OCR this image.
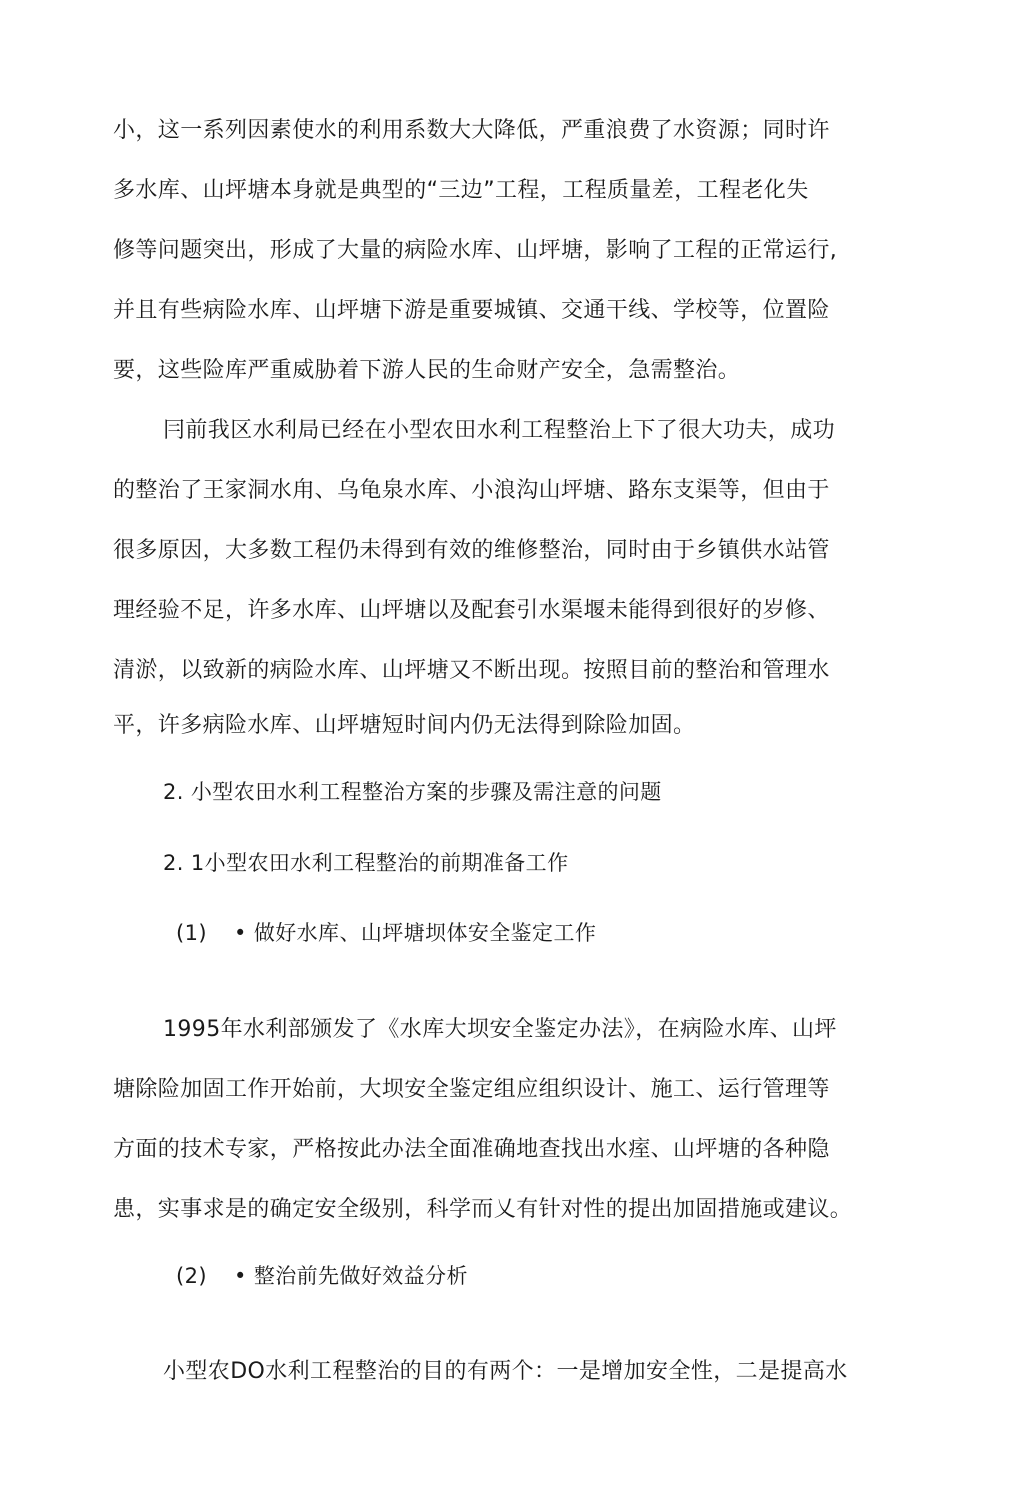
小，这一系列因素使水的利用系数大大降低，严重浪费了水资源；同时许
多水库、山坪塘本身就是典型的“三边”工程，工程质量差，工程老化失
修等问题突出，形成了大量的病险水库、山坪塘，影响了工程的正常运行,
并且有些病险水库、山坪塘下游是重要城镇、交通干线、学校等，位置险
要，这些险库严重威胁着下游人民的生命财产安全，急需整治。
冃前我区水利局已经在小型农田水利工程整治上下了很大功夫，成功
的整治了王家洞水甪、乌龟泉水库、小浪沟山坪塘、路东支渠等，但由于
很多原因，大多数工程仍未得到有效的维修整治，同时由于乡镇供水站管
理经验不足，许多水库、山坪塘以及配套引水渠堰未能得到很好的岁修、
清淤，以致新的病险水库、山坪塘又不断出现。按照目前的整治和管理水
平，许多病险水库、山坪塘短时间内仍无法得到除险加固。
2. 小型农田水利工程整治方案的步骤及需注意的问题
2. 1小型农田水利工程整治的前期准备工作
(1) • 做好水库、山坪塘坝体安全鉴定工作
1995年水利部颁发了《水库大坝安全鉴定办法》，在病险水库、山坪
塘除险加固工作开始前，大坝安全鉴定组应组织设计、施工、运行管理等
方面的技术专家，严格按此办法全面准确地查找出水痓、山坪塘的各种隐
患，实事求是的确定安全级别，科学而乂有针对性的提出加固措施或建议。
(2) • 整治前先做好效益分析
小型农DO水利工程整治的目的有两个：一是增加安全性，二是提高水
